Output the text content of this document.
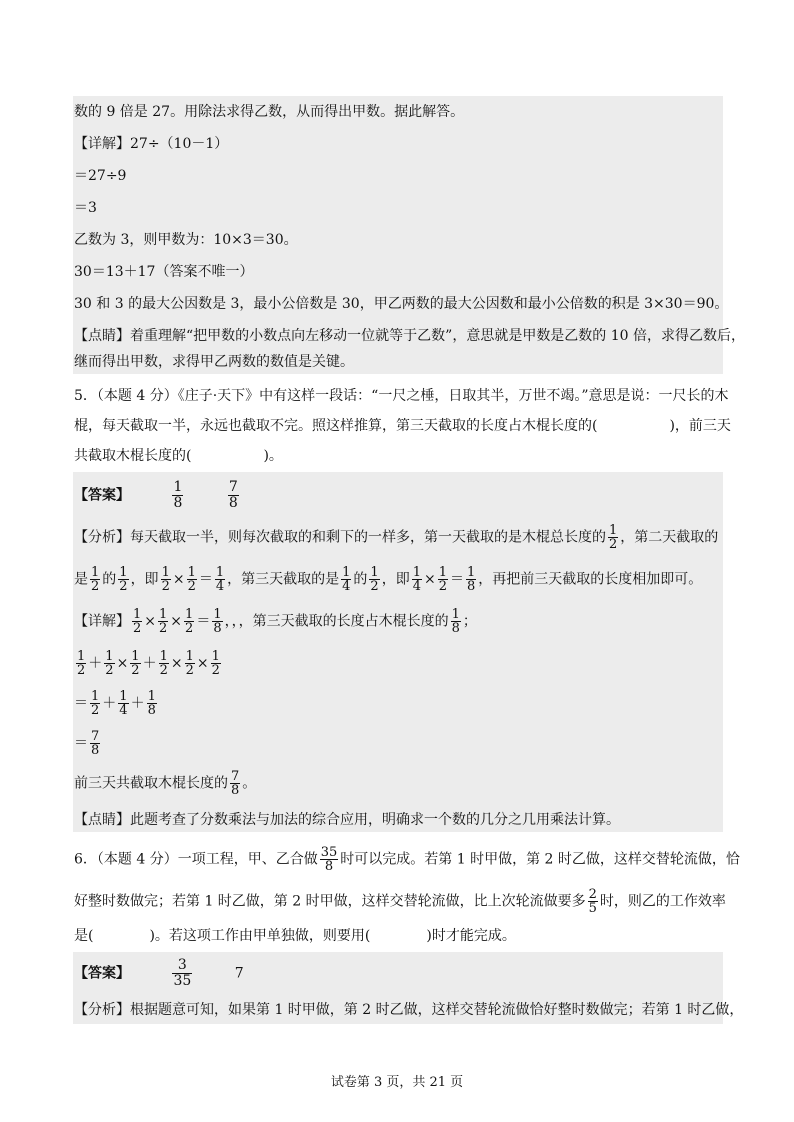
数的 9 倍是 27。用除法求得乙数，从而得出甲数。据此解答。
【详解】27÷（10－1）
＝27÷9
＝3
乙数为 3，则甲数为：10×3＝30。
30＝13＋17（答案不唯一）
30 和 3 的最大公因数是 3，最小公倍数是 30，甲乙两数的最大公因数和最小公倍数的积是 3×30＝90。
【点睛】着重理解“把甲数的小数点向左移动一位就等于乙数”，意思就是甲数是乙数的 10 倍，求得乙数后，
继而得出甲数，求得甲乙两数的数值是关键。
5．（本题 4 分）《庄子·天下》中有这样一段话：“一尺之棰，日取其半，万世不竭。”意思是说：一尺长的木
棍，每天截取一半，永远也截取不完。照这样推算，第三天截取的长度占木棍长度的(	)，前三天
共截取木棍长度的(	)。
【答案】	$\frac{1}{8}$
	$\frac{7}{8}$
【分析】每天截取一半，则每次截取的和剩下的一样多，第一天截取的是木棍总长度的 $\frac{1}{2}$ ，第二天截取的
是 $\frac{1}{2}$ 的 $\frac{1}{2}$ ，即 $\frac{1}{2} \times \frac{1}{2} = \frac{1}{4}$ ，第三天截取的是 $\frac{1}{4}$ 的 $\frac{1}{2}$ ，即 $\frac{1}{4} \times \frac{1}{2} = \frac{1}{8}$ ，再把前三天截取的长度相加即可。
【详解】 $\frac{1}{2} \times \frac{1}{2} \times \frac{1}{2} = \frac{1}{8}$ ，，，第三天截取的长度占木棍长度的 $\frac{1}{8}$ ；
$\frac{1}{2} + \frac{1}{2} \times \frac{1}{2} + \frac{1}{2} \times \frac{1}{2} \times \frac{1}{2}$
＝ $\frac{1}{2} + \frac{1}{4} + \frac{1}{8}$
＝ $\frac{7}{8}$
前三天共截取木棍长度的 $\frac{7}{8}$ 。
【点睛】此题考查了分数乘法与加法的综合应用，明确求一个数的几分之几用乘法计算。
6．（本题 4 分）一项工程，甲、乙合做 $\frac{35}{8}$ 时可以完成。若第 1 时甲做，第 2 时乙做，这样交替轮流做，恰
好整时数做完；若第 1 时乙做，第 2 时甲做，这样交替轮流做，比上次轮流做要多 $\frac{2}{5}$ 时，则乙的工作效率
是(	)。若这项工作由甲单独做，则要用(	)时才能完成。
【答案】	$\frac{3}{35}$	7
【分析】根据题意可知，如果第 1 时甲做，第 2 时乙做，这样交替轮流做恰好整时数做完；若第 1 时乙做，
试卷第 3 页，共 21 页
